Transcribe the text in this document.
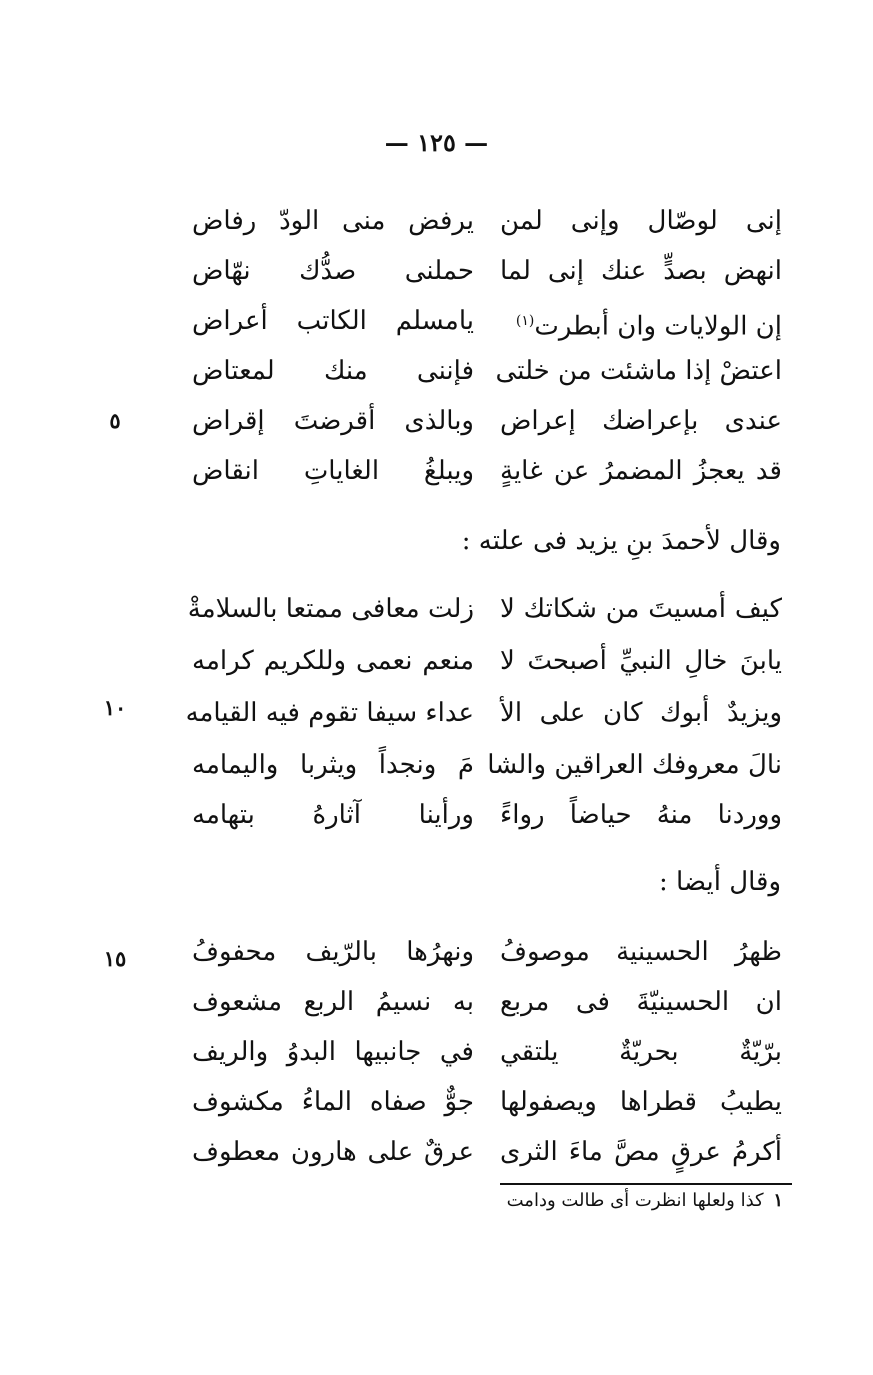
— ١٢٥ —
إنى لوصّال وإنى لمن
يرفض منى الودّ رفاض
انهض بصدٍّ عنك إنى لما
حملنى صدُّك نهّاض
إن الولايات وان أبطرت$^{(١)}$
يامسلم الكاتب أعراض
اعتضْ إذا ماشئت من خلتى
فإننى منك لمعتاض
عندى بإعراضك إعراض
وبالذى أقرضتَ إقراض
قد يعجزُ المضمرُ عن غايةٍ
ويبلغُ الغاياتِ انقاض
٥
وقال لأحمدَ بنِ يزيد فى علته :
كيف أمسيتَ من شكاتك لا
زلت معافى ممتعا بالسلامةْ
يابنَ خالِ النبيِّ أصبحتَ لا
منعم نعمى وللكريم كرامه
ويزيدٌ أبوك كان على الأ
عداء سيفا تقوم فيه القيامه
نالَ معروفك العراقين والشا
مَ ونجداً ويثربا واليمامه
ووردنا منهُ حياضاً رواءً
ورأينا آثارهُ بتهامه
١٠
وقال أيضا :
ظهرُ الحسينية موصوفُ
ونهرُها بالرّيف محفوفُ
ان الحسينيّةَ فى مربع
به نسيمُ الربع مشعوف
برّيّةٌ بحريّةٌ يلتقي
في جانبيها البدوُ والريف
يطيبُ قطراها ويصفولها
جوٌّ صفاه الماءُ مكشوف
أكرمُ عرقٍ مصَّ ماءَ الثرى
عرقٌ على هارون معطوف
١٥
١ كذا ولعلها انظرت أى طالت ودامت
